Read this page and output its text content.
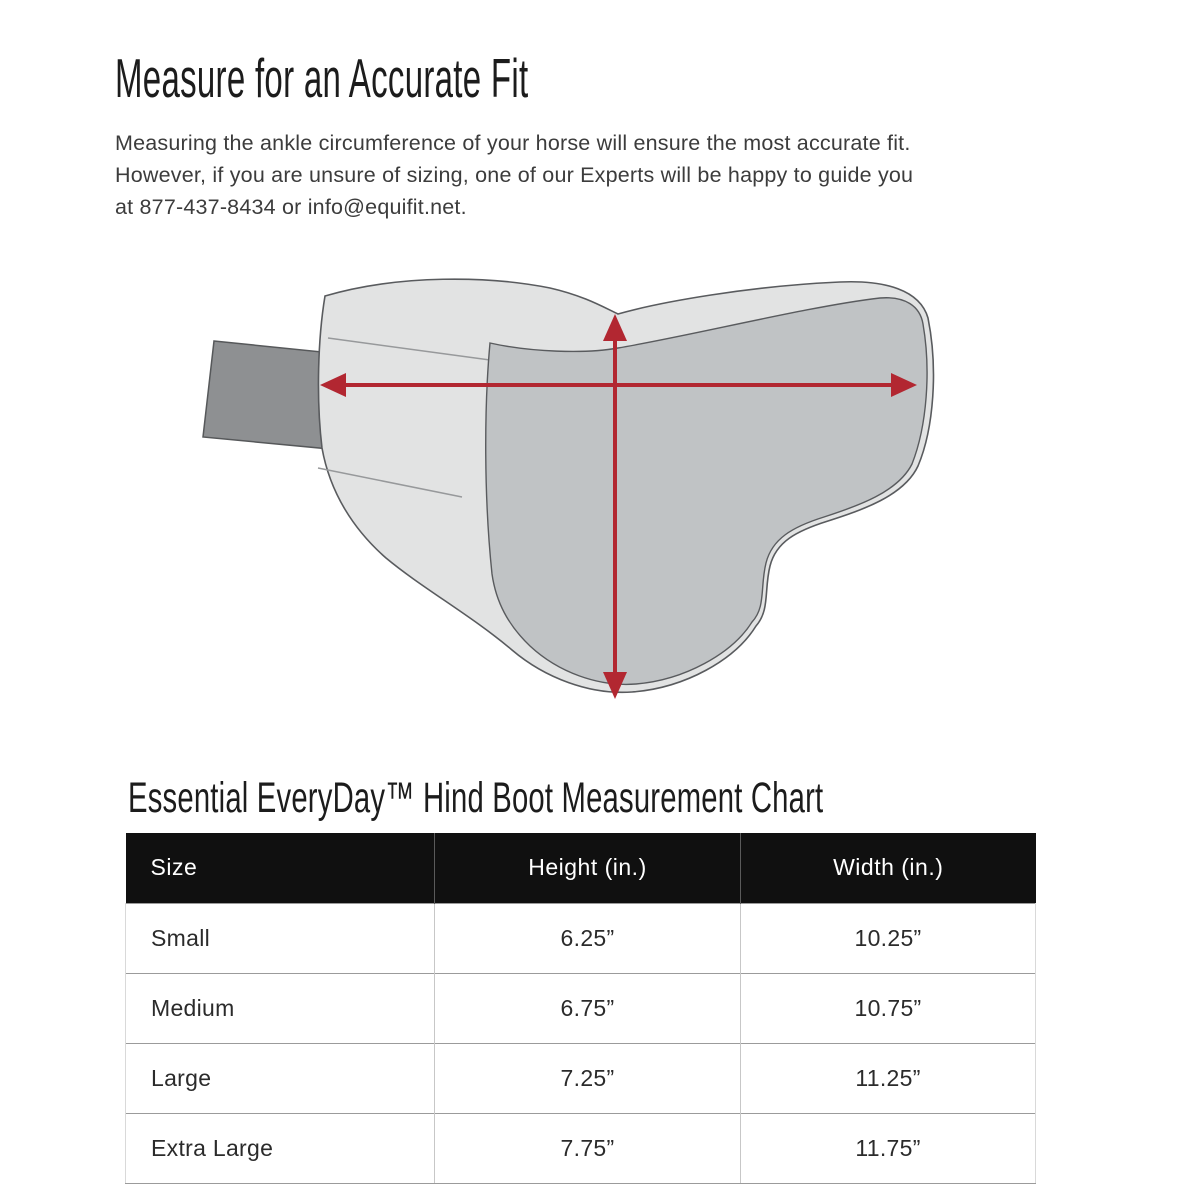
Measure for an Accurate Fit
Measuring the ankle circumference of your horse will ensure the most accurate fit.
However, if you are unsure of sizing, one of our Experts will be happy to guide you
at 877-437-8434 or info@equifit.net.
Essential EveryDay™ Hind Boot Measurement Chart
Size	Height (in.)	Width (in.)
Small	6.25”	10.25”
Medium	6.75”	10.75”
Large	7.25”	11.25”
Extra Large	7.75”	11.75”
